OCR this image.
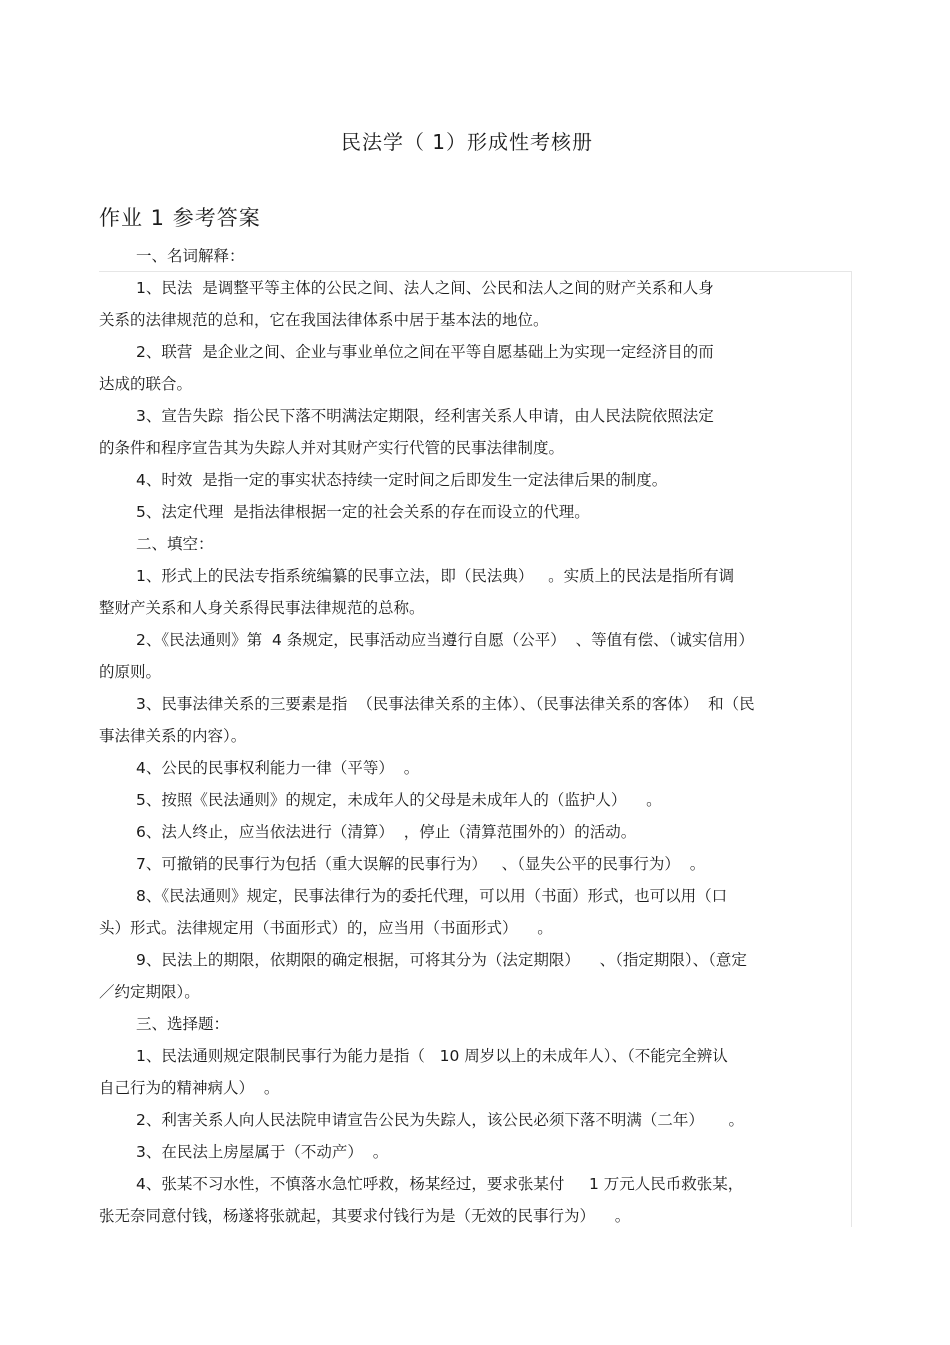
民法学（ 1）形成性考核册
作业 1 参考答案
一、名词解释：
1、民法  是调整平等主体的公民之间、法人之间、公民和法人之间的财产关系和人身
关系的法律规范的总和，它在我国法律体系中居于基本法的地位。
2、联营  是企业之间、企业与事业单位之间在平等自愿基础上为实现一定经济目的而
达成的联合。
3、宣告失踪  指公民下落不明满法定期限，经利害关系人申请，由人民法院依照法定
的条件和程序宣告其为失踪人并对其财产实行代管的民事法律制度。
4、时效  是指一定的事实状态持续一定时间之后即发生一定法律后果的制度。
5、法定代理  是指法律根据一定的社会关系的存在而设立的代理。
二、填空：
1、形式上的民法专指系统编纂的民事立法，即（民法典）   。实质上的民法是指所有调
整财产关系和人身关系得民事法律规范的总称。
2、《民法通则》第  4 条规定，民事活动应当遵行自愿（公平）  、等值有偿、（诚实信用）
的原则。
3、民事法律关系的三要素是指  （民事法律关系的主体）、（民事法律关系的客体）  和（民
事法律关系的内容）。
4、公民的民事权利能力一律（平等）  。
5、按照《民法通则》的规定，未成年人的父母是未成年人的（监护人）    。
6、法人终止，应当依法进行（清算）  ，停止（清算范围外的）的活动。
7、可撤销的民事行为包括（重大误解的民事行为）   、（显失公平的民事行为）  。
8、《民法通则》规定，民事法律行为的委托代理，可以用（书面）形式，也可以用（口
头）形式。法律规定用（书面形式）的，应当用（书面形式）    。
9、民法上的期限，依期限的确定根据，可将其分为（法定期限）    、（指定期限）、（意定
／约定期限）。
三、选择题：
1、民法通则规定限制民事行为能力是指（   10 周岁以上的未成年人）、（不能完全辨认
自己行为的精神病人）  。
2、利害关系人向人民法院申请宣告公民为失踪人，该公民必须下落不明满（二年）     。
3、在民法上房屋属于（不动产）  。
4、张某不习水性，不慎落水急忙呼救，杨某经过，要求张某付     1 万元人民币救张某，
张无奈同意付钱，杨遂将张就起，其要求付钱行为是（无效的民事行为）    。
